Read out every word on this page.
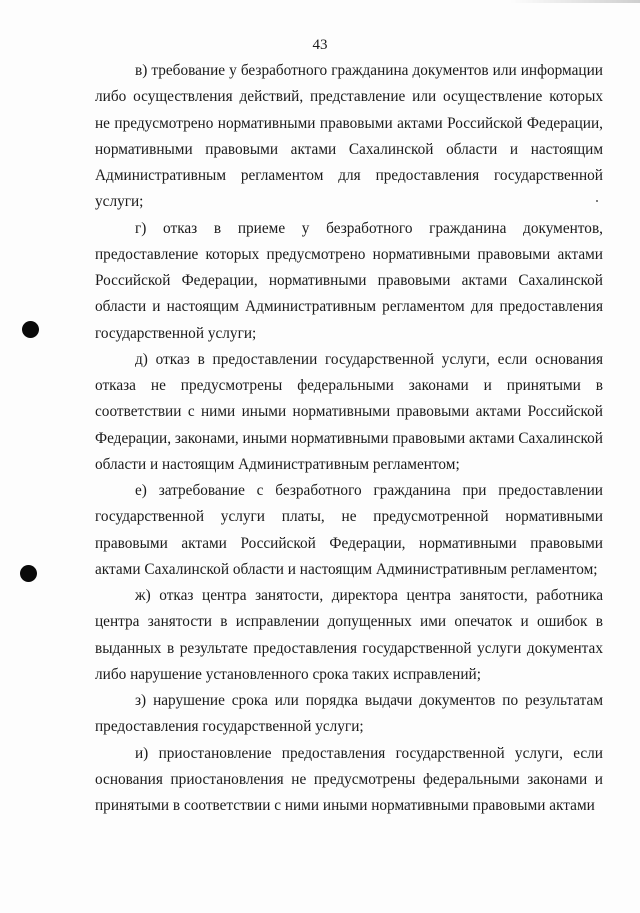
43

в) требование у безработного гражданина документов или информации либо осуществления действий, представление или осуществление которых не предусмотрено нормативными правовыми актами Российской Федерации, нормативными правовыми актами Сахалинской области и настоящим Административным регламентом для предоставления государственной услуги;

г) отказ в приеме у безработного гражданина документов, предоставление которых предусмотрено нормативными правовыми актами Российской Федерации, нормативными правовыми актами Сахалинской области и настоящим Административным регламентом для предоставления государственной услуги;

д) отказ в предоставлении государственной услуги, если основания отказа не предусмотрены федеральными законами и принятыми в соответствии с ними иными нормативными правовыми актами Российской Федерации, законами, иными нормативными правовыми актами Сахалинской области и настоящим Административным регламентом;

е) затребование с безработного гражданина при предоставлении государственной услуги платы, не предусмотренной нормативными правовыми актами Российской Федерации, нормативными правовыми актами Сахалинской области и настоящим Административным регламентом;

ж) отказ центра занятости, директора центра занятости, работника центра занятости в исправлении допущенных ими опечаток и ошибок в выданных в результате предоставления государственной услуги документах либо нарушение установленного срока таких исправлений;

з) нарушение срока или порядка выдачи документов по результатам предоставления государственной услуги;

и) приостановление предоставления государственной услуги, если основания приостановления не предусмотрены федеральными законами и принятыми в соответствии с ними иными нормативными правовыми актами
